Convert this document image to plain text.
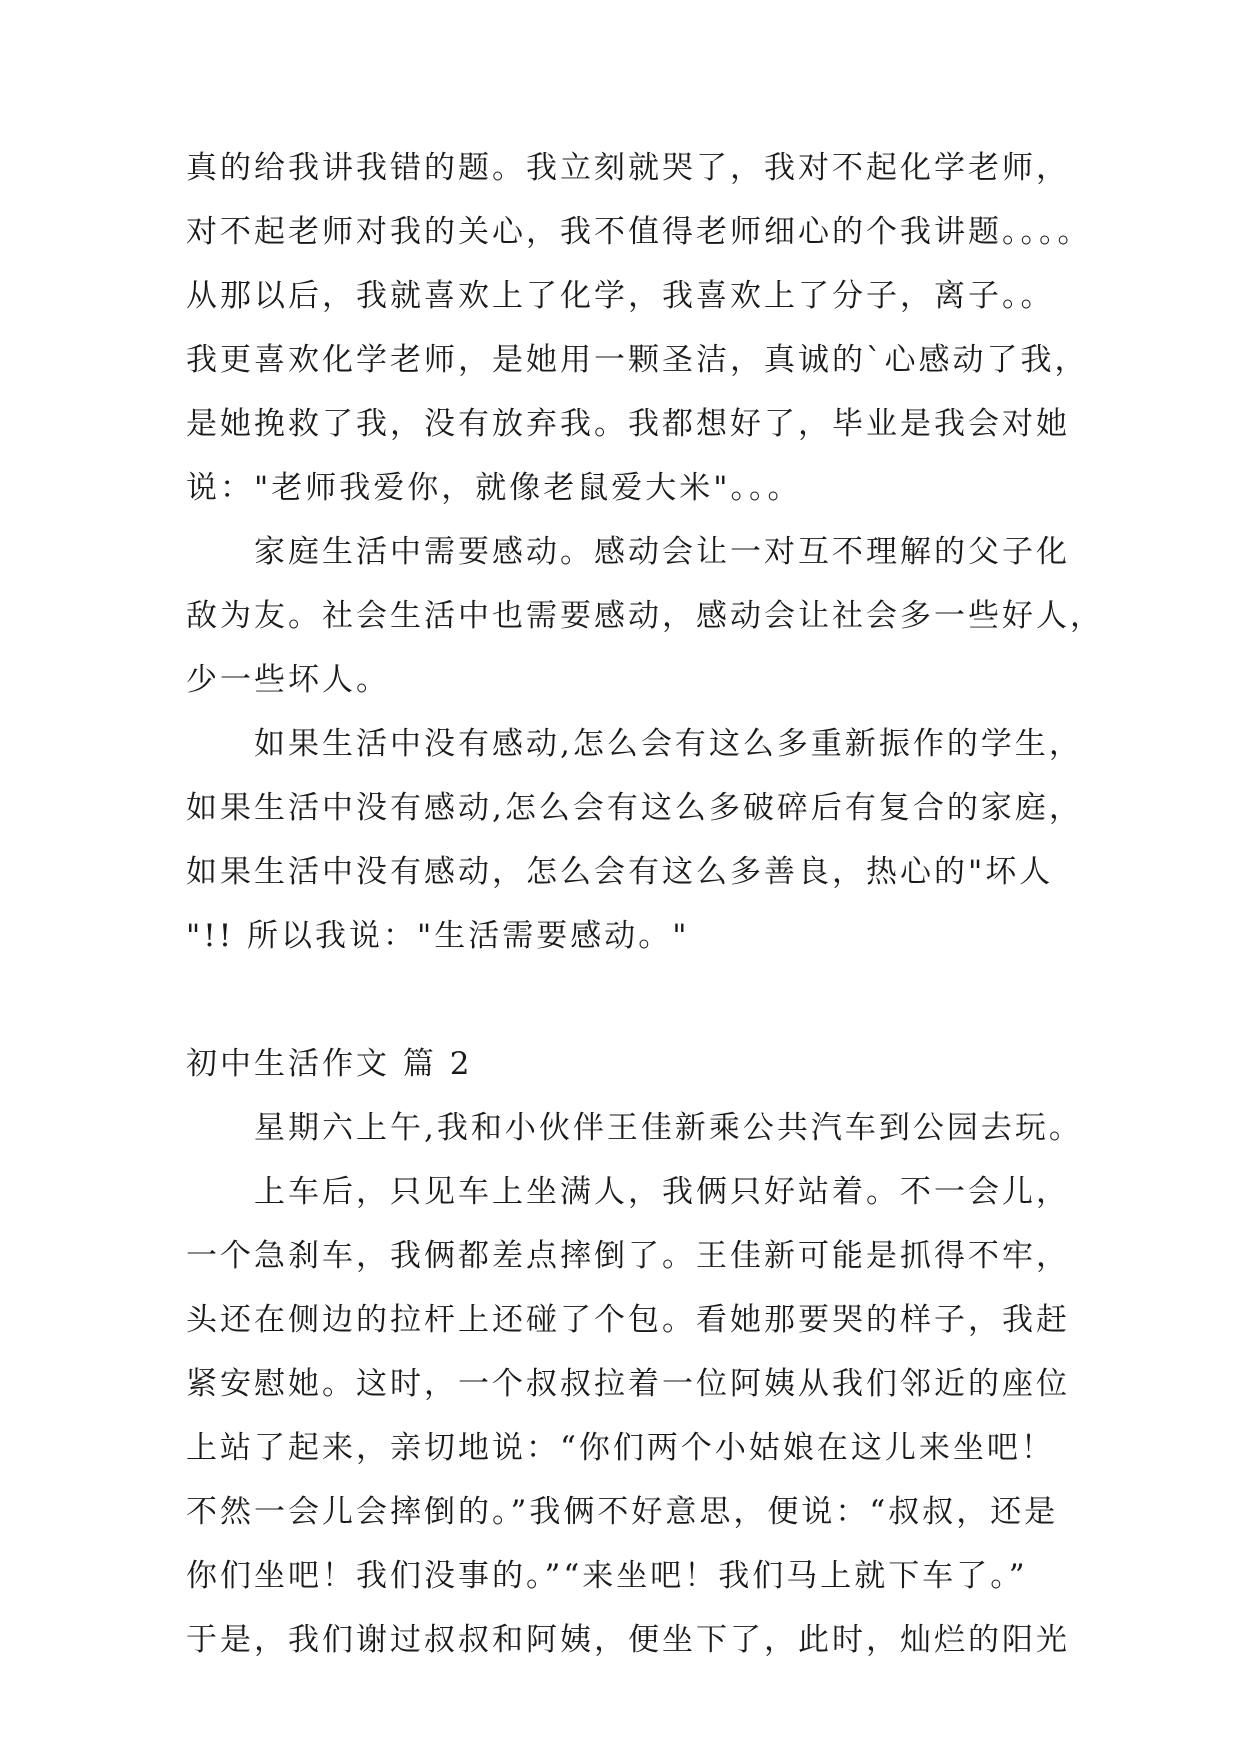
真的给我讲我错的题。我立刻就哭了，我对不起化学老师，
对不起老师对我的关心，我不值得老师细心的个我讲题。。。。
从那以后，我就喜欢上了化学，我喜欢上了分子，离子。。
我更喜欢化学老师，是她用一颗圣洁，真诚的`心感动了我，
是她挽救了我，没有放弃我。我都想好了，毕业是我会对她
说："老师我爱你，就像老鼠爱大米"。。。
家庭生活中需要感动。感动会让一对互不理解的父子化
敌为友。社会生活中也需要感动，感动会让社会多一些好人，
少一些坏人。
如果生活中没有感动,怎么会有这么多重新振作的学生，
如果生活中没有感动,怎么会有这么多破碎后有复合的家庭，
如果生活中没有感动，怎么会有这么多善良，热心的"坏人
"!! 所以我说："生活需要感动。"
初中生活作文 篇 2
星期六上午,我和小伙伴王佳新乘公共汽车到公园去玩。
上车后，只见车上坐满人，我俩只好站着。不一会儿，
一个急刹车，我俩都差点摔倒了。王佳新可能是抓得不牢，
头还在侧边的拉杆上还碰了个包。看她那要哭的样子，我赶
紧安慰她。这时，一个叔叔拉着一位阿姨从我们邻近的座位
上站了起来，亲切地说：“你们两个小姑娘在这儿来坐吧！
不然一会儿会摔倒的。”我俩不好意思，便说：“叔叔，还是
你们坐吧！我们没事的。”“来坐吧！我们马上就下车了。”
于是，我们谢过叔叔和阿姨，便坐下了，此时，灿烂的阳光
